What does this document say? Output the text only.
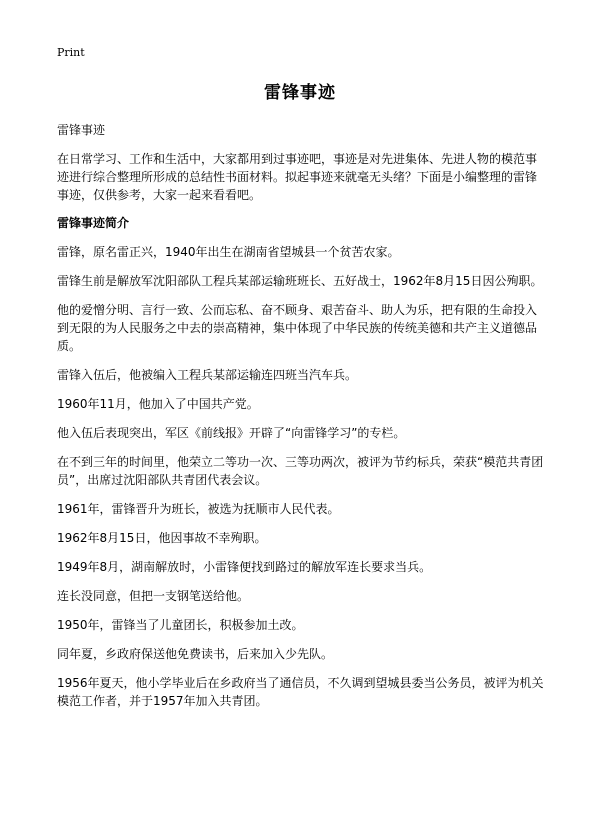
Print
雷锋事迹

雷锋事迹

在日常学习、工作和生活中，大家都用到过事迹吧，事迹是对先进集体、先进人物的模范事迹进行综合整理所形成的总结性书面材料。拟起事迹来就毫无头绪？下面是小编整理的雷锋事迹，仅供参考，大家一起来看看吧。

雷锋事迹简介

雷锋，原名雷正兴，1940年出生在湖南省望城县一个贫苦农家。

雷锋生前是解放军沈阳部队工程兵某部运输班班长、五好战士，1962年8月15日因公殉职。

他的爱憎分明、言行一致、公而忘私、奋不顾身、艰苦奋斗、助人为乐，把有限的生命投入到无限的为人民服务之中去的崇高精神，集中体现了中华民族的传统美德和共产主义道德品质。

雷锋入伍后，他被编入工程兵某部运输连四班当汽车兵。

1960年11月，他加入了中国共产党。

他入伍后表现突出，军区《前线报》开辟了“向雷锋学习”的专栏。

在不到三年的时间里，他荣立二等功一次、三等功两次，被评为节约标兵，荣获“模范共青团员”，出席过沈阳部队共青团代表会议。

1961年，雷锋晋升为班长，被选为抚顺市人民代表。

1962年8月15日，他因事故不幸殉职。

1949年8月，湖南解放时，小雷锋便找到路过的解放军连长要求当兵。

连长没同意，但把一支钢笔送给他。

1950年，雷锋当了儿童团长，积极参加土改。

同年夏，乡政府保送他免费读书，后来加入少先队。

1956年夏天，他小学毕业后在乡政府当了通信员，不久调到望城县委当公务员，被评为机关模范工作者，并于1957年加入共青团。
